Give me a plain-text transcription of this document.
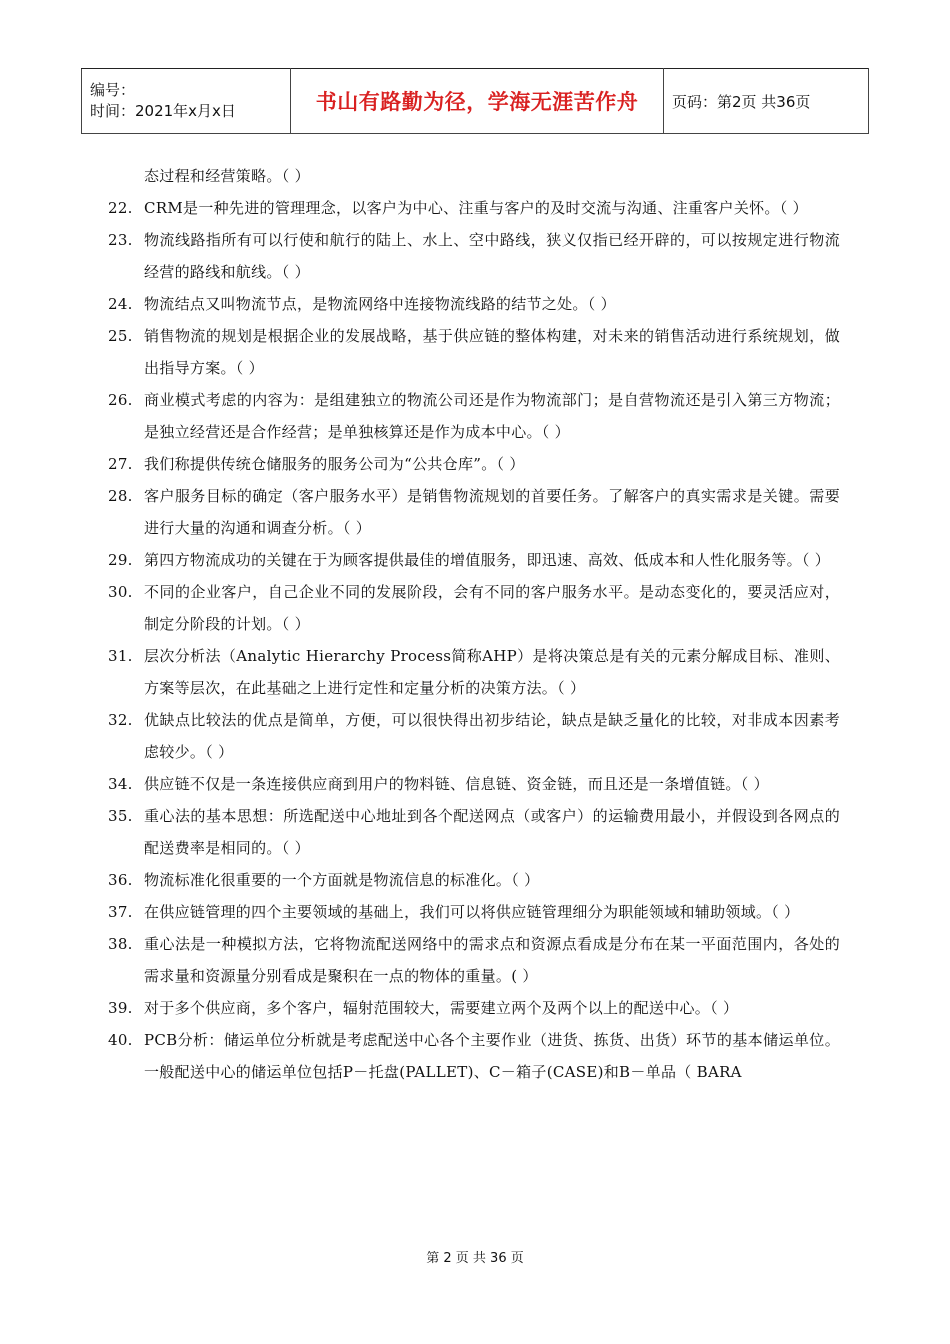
编号：
时间：2021年x月x日	书山有路勤为径，学海无涯苦作舟	页码：第2页 共36页
态过程和经营策略。（ ）
22. CRM是一种先进的管理理念，以客户为中心、注重与客户的及时交流与沟通、注重客户关怀。（ ）
23. 物流线路指所有可以行使和航行的陆上、水上、空中路线，狭义仅指已经开辟的，可以按规定进行物流经营的路线和航线。（ ）
24. 物流结点又叫物流节点，是物流网络中连接物流线路的结节之处。（ ）
25. 销售物流的规划是根据企业的发展战略，基于供应链的整体构建，对未来的销售活动进行系统规划，做出指导方案。（ ）
26. 商业模式考虑的内容为：是组建独立的物流公司还是作为物流部门；是自营物流还是引入第三方物流；是独立经营还是合作经营；是单独核算还是作为成本中心。（ ）
27. 我们称提供传统仓储服务的服务公司为“公共仓库”。（ ）
28. 客户服务目标的确定（客户服务水平）是销售物流规划的首要任务。了解客户的真实需求是关键。需要进行大量的沟通和调查分析。（ ）
29. 第四方物流成功的关键在于为顾客提供最佳的增值服务，即迅速、高效、低成本和人性化服务等。（ ）
30. 不同的企业客户，自己企业不同的发展阶段，会有不同的客户服务水平。是动态变化的，要灵活应对，制定分阶段的计划。（ ）
31. 层次分析法（Analytic Hierarchy Process简称AHP）是将决策总是有关的元素分解成目标、准则、方案等层次，在此基础之上进行定性和定量分析的决策方法。（ ）
32. 优缺点比较法的优点是简单，方便，可以很快得出初步结论，缺点是缺乏量化的比较，对非成本因素考虑较少。（ ）
34. 供应链不仅是一条连接供应商到用户的物料链、信息链、资金链，而且还是一条增值链。（ ）
35. 重心法的基本思想：所选配送中心地址到各个配送网点（或客户）的运输费用最小，并假设到各网点的配送费率是相同的。（ ）
36. 物流标准化很重要的一个方面就是物流信息的标准化。（ ）
37. 在供应链管理的四个主要领域的基础上，我们可以将供应链管理细分为职能领域和辅助领域。（ ）
38. 重心法是一种模拟方法，它将物流配送网络中的需求点和资源点看成是分布在某一平面范围内，各处的需求量和资源量分别看成是聚积在一点的物体的重量。( ）
39. 对于多个供应商，多个客户，辐射范围较大，需要建立两个及两个以上的配送中心。（ ）
40. PCB分析：储运单位分析就是考虑配送中心各个主要作业（进货、拣货、出货）环节的基本储运单位。一般配送中心的储运单位包括P－托盘(PALLET)、C－箱子(CASE)和B－单品（ BARA
第 2 页 共 36 页
